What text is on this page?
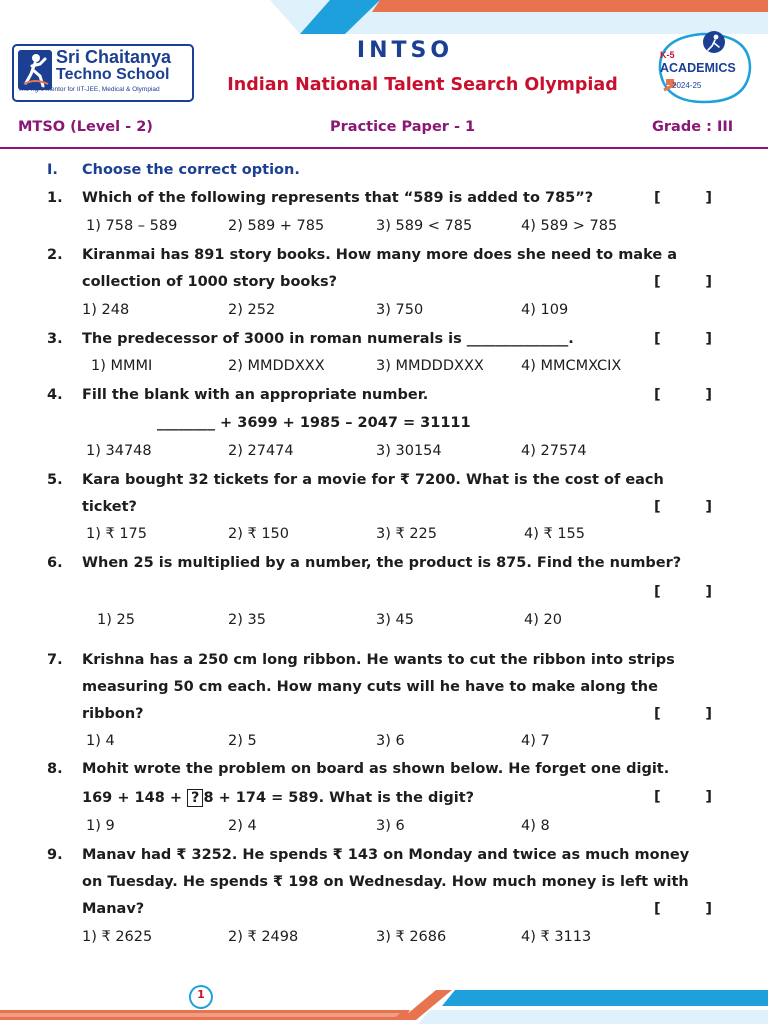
Sri Chaitanya
Techno School
The right mentor for IIT-JEE, Medical & Olympiad
INTSO
Indian National Talent Search Olympiad
K-5
ACADEMICS
2024-25
MTSO (Level - 2)	Practice Paper - 1	Grade : III
I. Choose the correct option.
1. Which of the following represents that “589 is added to 785”?	[	]
1) 758 – 589	2) 589 + 785	3) 589 < 785	4) 589 > 785
2. Kiranmai has 891 story books. How many more does she need to make a
collection of 1000 story books?	[	]
1) 248	2) 252	3) 750	4) 109
3. The predecessor of 3000 in roman numerals is ______________.	[	]
1) MMMI	2) MMDDXXX	3) MMDDDXXX	4) MMCMXCIX
4. Fill the blank with an appropriate number.	[	]
________ + 3699 + 1985 – 2047 = 31111
1) 34748	2) 27474	3) 30154	4) 27574
5. Kara bought 32 tickets for a movie for ₹ 7200. What is the cost of each
ticket?	[	]
1) ₹ 175	2) ₹ 150	3) ₹ 225	4) ₹ 155
6. When 25 is multiplied by a number, the product is 875. Find the number?
[	]
1) 25	2) 35	3) 45	4) 20
7. Krishna has a 250 cm long ribbon. He wants to cut the ribbon into strips
measuring 50 cm each. How many cuts will he have to make along the
ribbon?	[	]
1) 4	2) 5	3) 6	4) 7
8. Mohit wrote the problem on board as shown below. He forget one digit.
169 + 148 + ? 8 + 174 = 589. What is the digit?	[	]
1) 9	2) 4	3) 6	4) 8
9. Manav had ₹ 3252. He spends ₹ 143 on Monday and twice as much money
on Tuesday. He spends ₹ 198 on Wednesday. How much money is left with
Manav?	[	]
1) ₹ 2625	2) ₹ 2498	3) ₹ 2686	4) ₹ 3113
1
